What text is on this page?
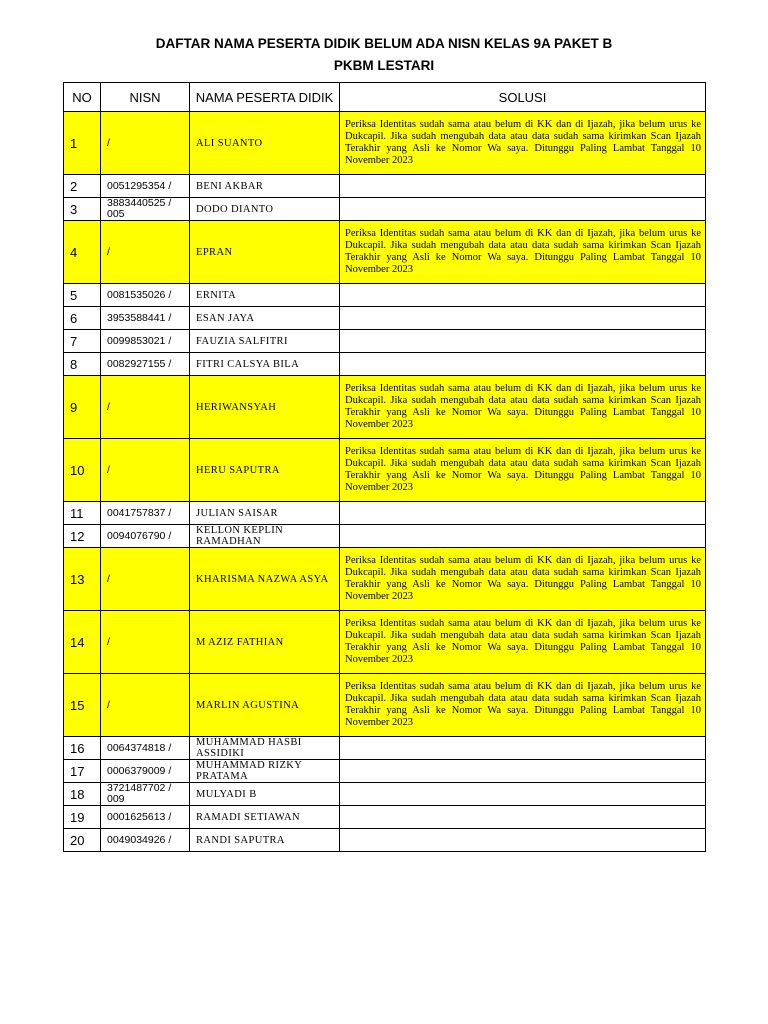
DAFTAR NAMA PESERTA DIDIK BELUM ADA NISN KELAS 9A PAKET B
PKBM LESTARI
NO	NISN	NAMA PESERTA DIDIK	SOLUSI
1	/	ALI SUANTO	Periksa Identitas sudah sama atau belum di KK dan di Ijazah, jika belum urus ke Dukcapil. Jika sudah mengubah data atau data sudah sama kirimkan Scan Ijazah Terakhir yang Asli ke Nomor Wa saya. Ditunggu Paling Lambat Tanggal 10 November 2023
2	0051295354 /	BENI AKBAR	
3	3883440525 / 005	DODO DIANTO	
4	/	EPRAN	Periksa Identitas sudah sama atau belum di KK dan di Ijazah, jika belum urus ke Dukcapil. Jika sudah mengubah data atau data sudah sama kirimkan Scan Ijazah Terakhir yang Asli ke Nomor Wa saya. Ditunggu Paling Lambat Tanggal 10 November 2023
5	0081535026 /	ERNITA	
6	3953588441 /	ESAN JAYA	
7	0099853021 /	FAUZIA SALFITRI	
8	0082927155 /	FITRI CALSYA BILA	
9	/	HERIWANSYAH	Periksa Identitas sudah sama atau belum di KK dan di Ijazah, jika belum urus ke Dukcapil. Jika sudah mengubah data atau data sudah sama kirimkan Scan Ijazah Terakhir yang Asli ke Nomor Wa saya. Ditunggu Paling Lambat Tanggal 10 November 2023
10	/	HERU SAPUTRA	Periksa Identitas sudah sama atau belum di KK dan di Ijazah, jika belum urus ke Dukcapil. Jika sudah mengubah data atau data sudah sama kirimkan Scan Ijazah Terakhir yang Asli ke Nomor Wa saya. Ditunggu Paling Lambat Tanggal 10 November 2023
11	0041757837 /	JULIAN SAISAR	
12	0094076790 /	KELLON KEPLIN RAMADHAN	
13	/	KHARISMA NAZWA ASYA	Periksa Identitas sudah sama atau belum di KK dan di Ijazah, jika belum urus ke Dukcapil. Jika sudah mengubah data atau data sudah sama kirimkan Scan Ijazah Terakhir yang Asli ke Nomor Wa saya. Ditunggu Paling Lambat Tanggal 10 November 2023
14	/	M AZIZ FATHIAN	Periksa Identitas sudah sama atau belum di KK dan di Ijazah, jika belum urus ke Dukcapil. Jika sudah mengubah data atau data sudah sama kirimkan Scan Ijazah Terakhir yang Asli ke Nomor Wa saya. Ditunggu Paling Lambat Tanggal 10 November 2023
15	/	MARLIN AGUSTINA	Periksa Identitas sudah sama atau belum di KK dan di Ijazah, jika belum urus ke Dukcapil. Jika sudah mengubah data atau data sudah sama kirimkan Scan Ijazah Terakhir yang Asli ke Nomor Wa saya. Ditunggu Paling Lambat Tanggal 10 November 2023
16	0064374818 /	MUHAMMAD HASBI ASSIDIKI	
17	0006379009 /	MUHAMMAD RIZKY PRATAMA	
18	3721487702 / 009	MULYADI B	
19	0001625613 /	RAMADI SETIAWAN	
20	0049034926 /	RANDI SAPUTRA	
